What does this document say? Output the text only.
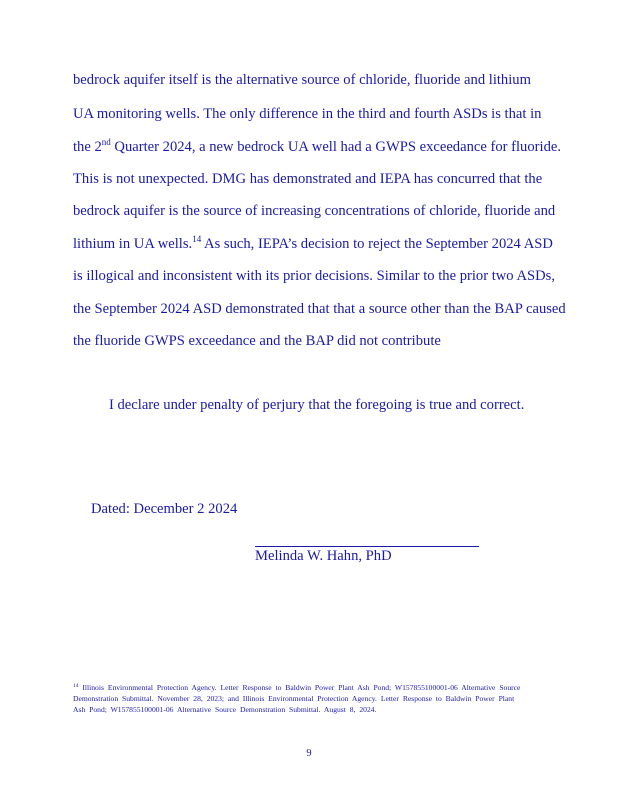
bedrock aquifer itself is the alternative source of chloride, fluoride and lithium
UA monitoring wells. The only difference in the third and fourth ASDs is that in
the 2nd Quarter 2024, a new bedrock UA well had a GWPS exceedance for fluoride.
This is not unexpected. DMG has demonstrated and IEPA has concurred that the
bedrock aquifer is the source of increasing concentrations of chloride, fluoride and
lithium in UA wells.$^{14}$ As such, IEPA’s decision to reject the September 2024 ASD
is illogical and inconsistent with its prior decisions. Similar to the prior two ASDs,
the September 2024 ASD demonstrated that that a source other than the BAP caused
the fluoride GWPS exceedance and the BAP did not contribute
I declare under penalty of perjury that the foregoing is true and correct.
Dated: December 2 2024
Melinda W. Hahn, PhD
$^{14}$ Illinois Environmental Protection Agency. Letter Response to Baldwin Power Plant Ash Pond; W157855100001-06 Alternative Source Demonstration Submittal. November 28, 2023; and Illinois Environmental Protection Agency. Letter Response to Baldwin Power Plant Ash Pond; W157855100001-06 Alternative Source Demonstration Submittal. August 8, 2024.
9
